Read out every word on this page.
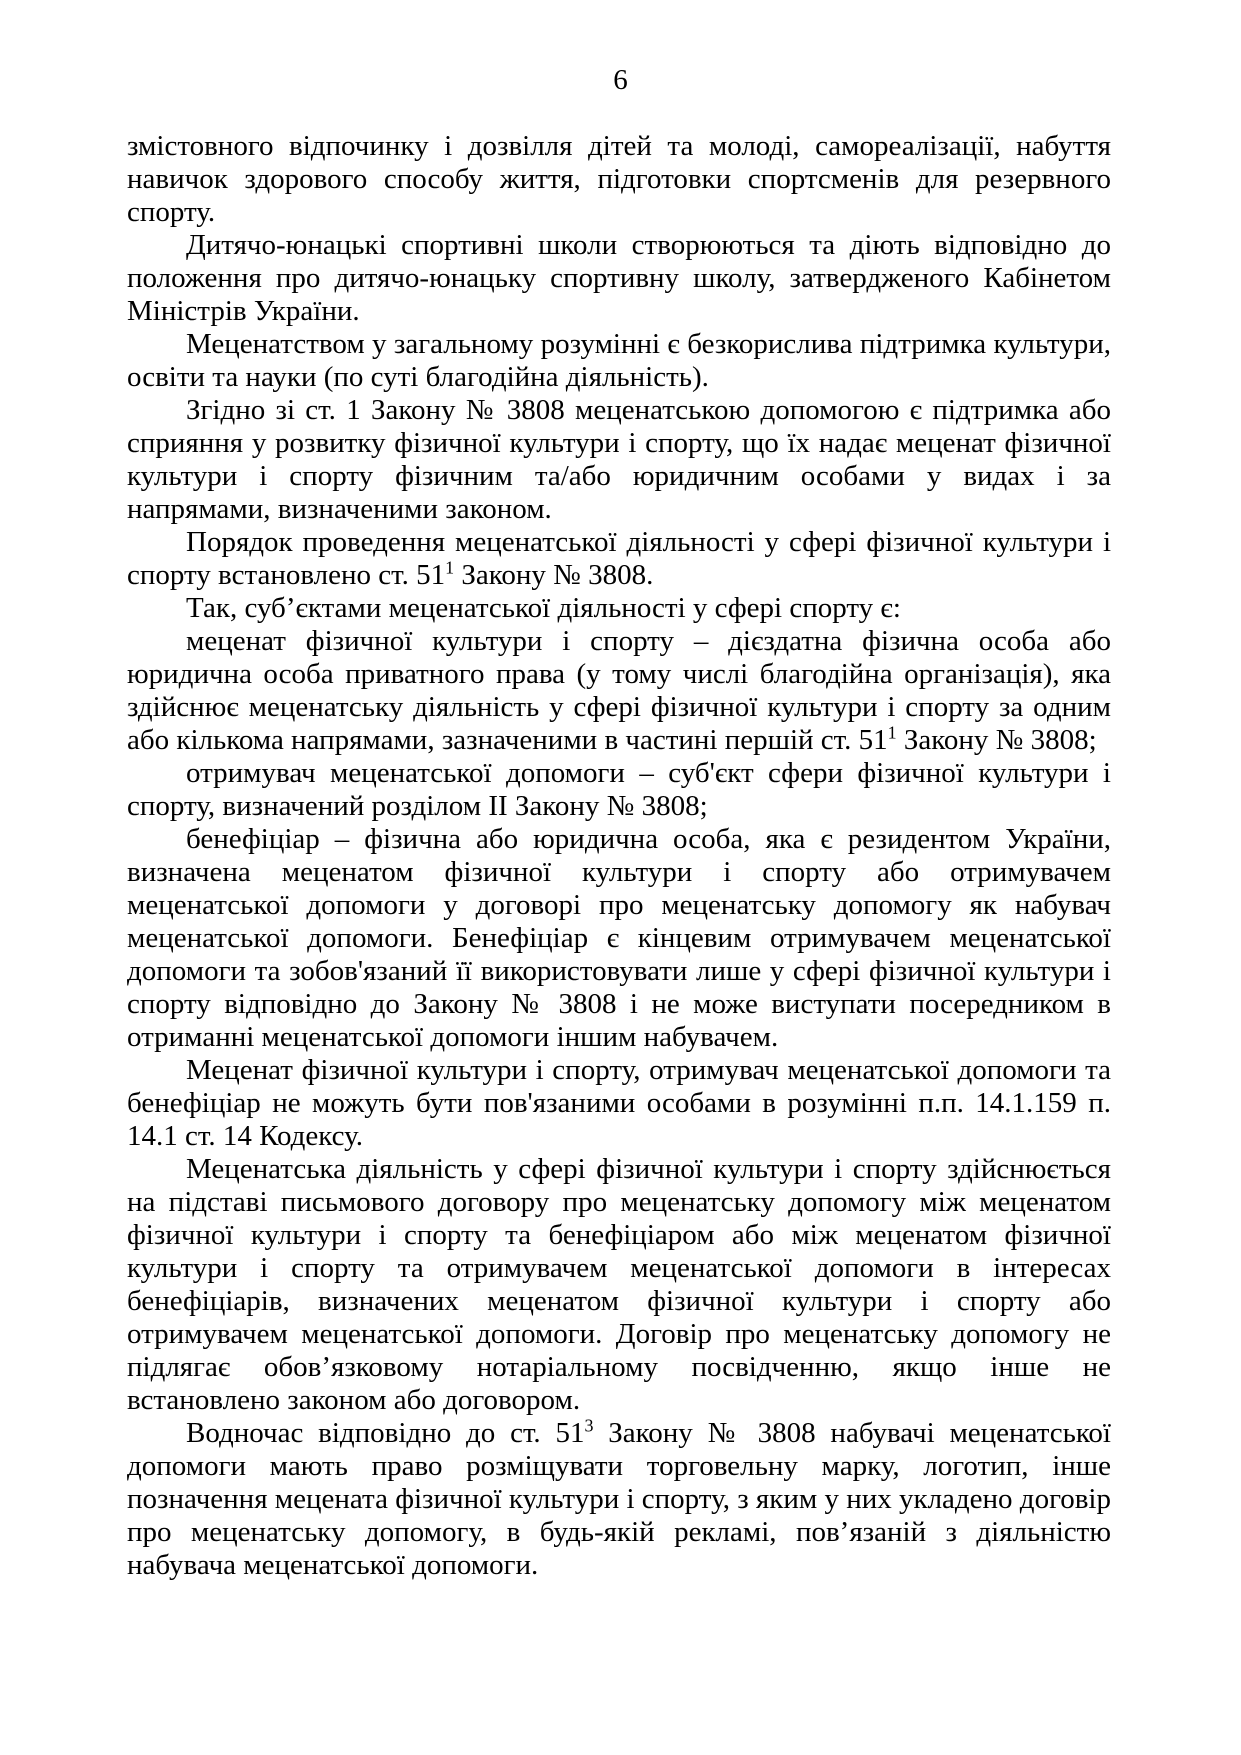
6

змістовного відпочинку і дозвілля дітей та молоді, самореалізації, набуття навичок здорового способу життя, підготовки спортсменів для резервного спорту.

Дитячо-юнацькі спортивні школи створюються та діють відповідно до положення про дитячо-юнацьку спортивну школу, затвердженого Кабінетом Міністрів України.

Меценатством у загальному розумінні є безкорислива підтримка культури, освіти та науки (по суті благодійна діяльність).

Згідно зі ст. 1 Закону № 3808 меценатською допомогою є підтримка або сприяння у розвитку фізичної культури і спорту, що їх надає меценат фізичної культури і спорту фізичним та/або юридичним особами у видах і за напрямами, визначеними законом.

Порядок проведення меценатської діяльності у сфері фізичної культури і спорту встановлено ст. $51^1$ Закону № 3808.

Так, суб’єктами меценатської діяльності у сфері спорту є:

меценат фізичної культури і спорту – дієздатна фізична особа або юридична особа приватного права (у тому числі благодійна організація), яка здійснює меценатську діяльність у сфері фізичної культури і спорту за одним або кількома напрямами, зазначеними в частині першій ст. $51^1$ Закону № 3808;

отримувач меценатської допомоги – суб'єкт сфери фізичної культури і спорту, визначений розділом II Закону № 3808;

бенефіціар – фізична або юридична особа, яка є резидентом України, визначена меценатом фізичної культури і спорту або отримувачем меценатської допомоги у договорі про меценатську допомогу як набувач меценатської допомоги. Бенефіціар є кінцевим отримувачем меценатської допомоги та зобов'язаний її використовувати лише у сфері фізичної культури і спорту відповідно до Закону № 3808 і не може виступати посередником в отриманні меценатської допомоги іншим набувачем.

Меценат фізичної культури і спорту, отримувач меценатської допомоги та бенефіціар не можуть бути пов'язаними особами в розумінні п.п. 14.1.159 п. 14.1 ст. 14 Кодексу.

Меценатська діяльність у сфері фізичної культури і спорту здійснюється на підставі письмового договору про меценатську допомогу між меценатом фізичної культури і спорту та бенефіціаром або між меценатом фізичної культури і спорту та отримувачем меценатської допомоги в інтересах бенефіціарів, визначених меценатом фізичної культури і спорту або отримувачем меценатської допомоги. Договір про меценатську допомогу не підлягає обов’язковому нотаріальному посвідченню, якщо інше не встановлено законом або договором.

Водночас відповідно до ст. $51^3$ Закону № 3808 набувачі меценатської допомоги мають право розміщувати торговельну марку, логотип, інше позначення мецената фізичної культури і спорту, з яким у них укладено договір про меценатську допомогу, в будь-якій рекламі, пов’язаній з діяльністю набувача меценатської допомоги.
